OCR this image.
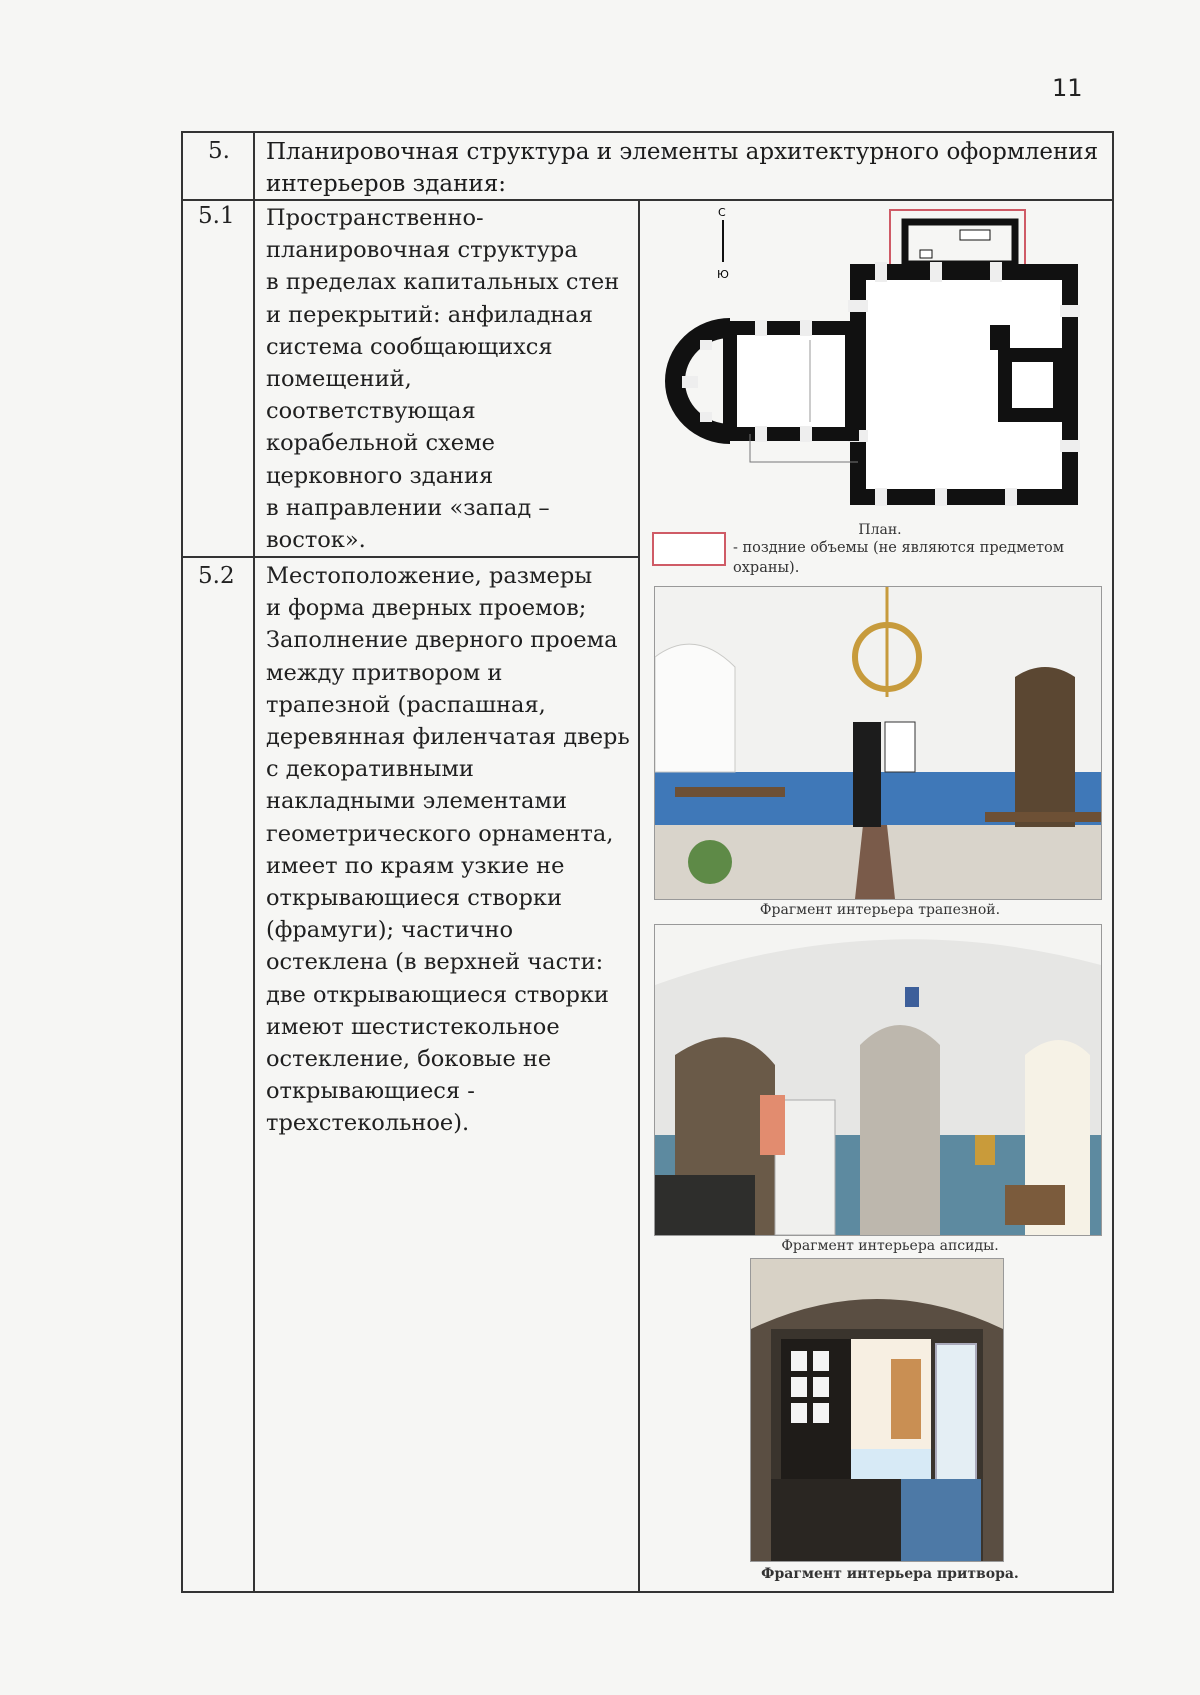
11
5. Планировочная структура и элементы архитектурного оформления интерьеров здания:
5.1 Пространственно-
планировочная структура
в пределах капитальных стен
и перекрытий: анфиладная
система сообщающихся
помещений,
соответствующая
корабельной схеме
церковного здания
в направлении «запад –
восток».
5.2 Местоположение, размеры
и форма дверных проемов;
Заполнение дверного проема
между притвором и
трапезной (распашная,
деревянная филенчатая дверь
с декоративными
накладными элементами
геометрического орнамента,
имеет по краям узкие не
открывающиеся створки
(фрамуги); частично
остеклена (в верхней части:
две открывающиеся створки
имеют шестистекольное
остекление, боковые не
открывающиеся -
трехстекольное).
С
Ю
План.
- поздние объемы (не являются предметом охраны).
Фрагмент интерьера трапезной.
Фрагмент интерьера апсиды.
Фрагмент интерьера притвора.
